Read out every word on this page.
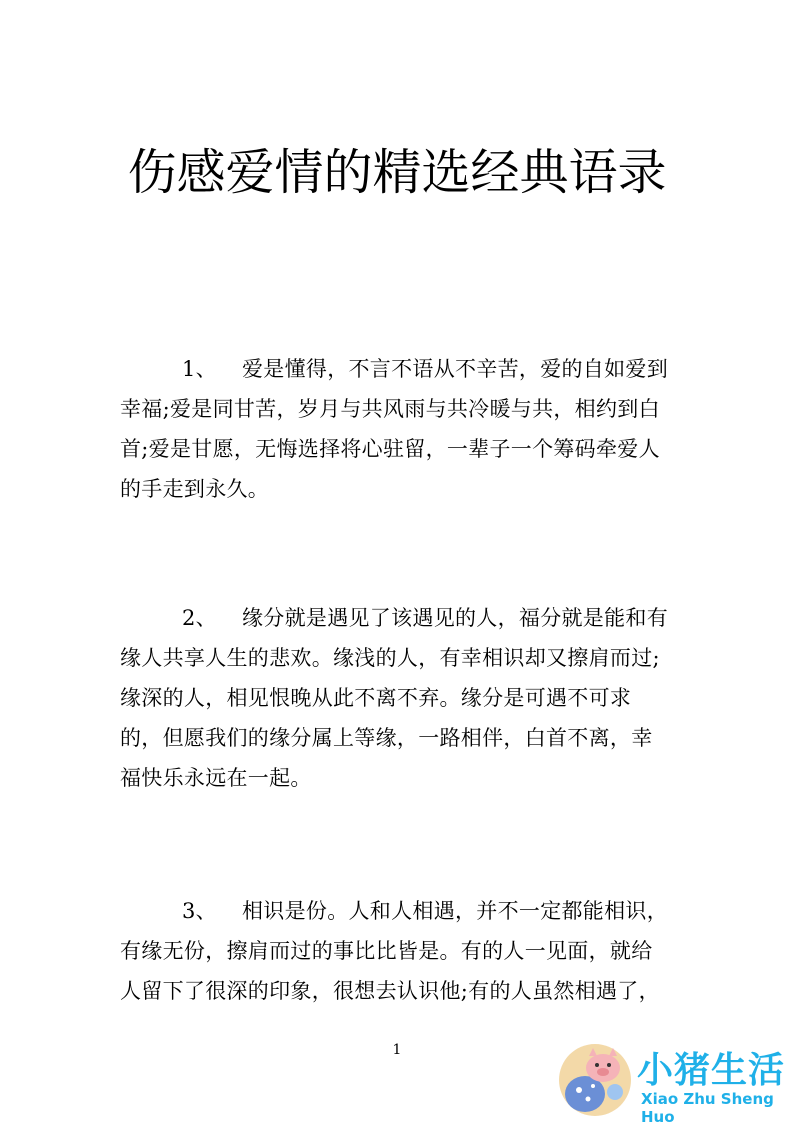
伤感爱情的精选经典语录
1、 爱是懂得，不言不语从不辛苦，爱的自如爱到
幸福;爱是同甘苦，岁月与共风雨与共冷暖与共，相约到白
首;爱是甘愿，无悔选择将心驻留，一辈子一个筹码牵爱人
的手走到永久。
2、 缘分就是遇见了该遇见的人，福分就是能和有
缘人共享人生的悲欢。缘浅的人，有幸相识却又擦肩而过;
缘深的人，相见恨晚从此不离不弃。缘分是可遇不可求
的，但愿我们的缘分属上等缘，一路相伴，白首不离，幸
福快乐永远在一起。
3、 相识是份。人和人相遇，并不一定都能相识，
有缘无份，擦肩而过的事比比皆是。有的人一见面，就给
人留下了很深的印象，很想去认识他;有的人虽然相遇了，
1	小猪生活
Xiao Zhu Sheng Huo
